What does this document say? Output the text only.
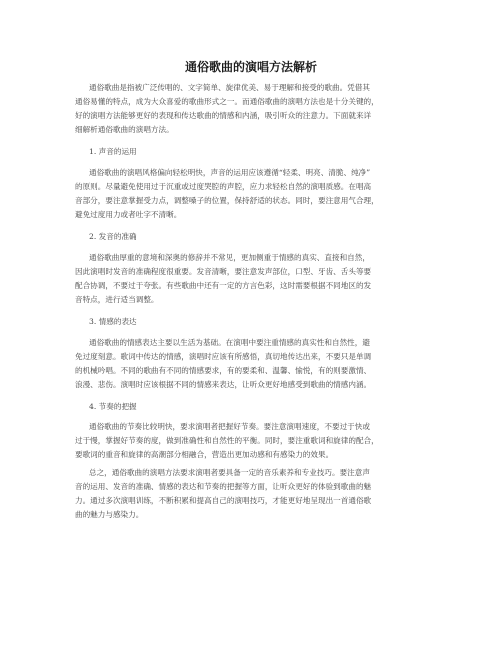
通俗歌曲的演唱方法解析
通俗歌曲是指被广泛传唱的、文字简单、旋律优美、易于理解和接受的歌曲。凭借其
通俗易懂的特点，成为大众喜爱的歌曲形式之一。而通俗歌曲的演唱方法也是十分关键的，
好的演唱方法能够更好的表现和传达歌曲的情感和内涵，吸引听众的注意力。下面就来详
细解析通俗歌曲的演唱方法。
1. 声音的运用
通俗歌曲的演唱风格偏向轻松明快，声音的运用应该遵循“轻柔、明亮、清脆、纯净”
的原则。尽量避免使用过于沉重或过度哭腔的声腔，应力求轻松自然的演唱质感。在唱高
音部分，要注意掌握受力点，调整嗓子的位置，保持舒适的状态。同时，要注意用气合理，
避免过度用力或者吐字不清晰。
2. 发音的准确
通俗歌曲厚重的意境和深奥的修辞并不常见，更加侧重于情感的真实、直接和自然，
因此演唱时发音的准确程度很重要。发音清晰，要注意发声部位，口型、牙齿、舌头等要
配合协调，不要过于夸张。有些歌曲中还有一定的方言色彩，这时需要根据不同地区的发
音特点，进行适当调整。
3. 情感的表达
通俗歌曲的情感表达主要以生活为基础。在演唱中要注重情感的真实性和自然性，避
免过度刻意。歌词中传达的情感，演唱时应该有所感悟，真切地传达出来，不要只是单调
的机械吟唱。不同的歌曲有不同的情感要求，有的要柔和、温馨、愉悦，有的则要激情、
浪漫、悲伤。演唱时应该根据不同的情感来表达，让听众更好地感受到歌曲的情感内涵。
4. 节奏的把握
通俗歌曲的节奏比较明快，要求演唱者把握好节奏。要注意演唱速度，不要过于快或
过于慢，掌握好节奏的度，做到准确性和自然性的平衡。同时，要注重歌词和旋律的配合，
要歌词的重音和旋律的高潮部分相融合，营造出更加动感和有感染力的效果。
总之，通俗歌曲的演唱方法要求演唱者要具备一定的音乐素养和专业技巧。要注意声
音的运用、发音的准确、情感的表达和节奏的把握等方面，让听众更好的体验到歌曲的魅
力。通过多次演唱训练，不断积累和提高自己的演唱技巧，才能更好地呈现出一首通俗歌
曲的魅力与感染力。
